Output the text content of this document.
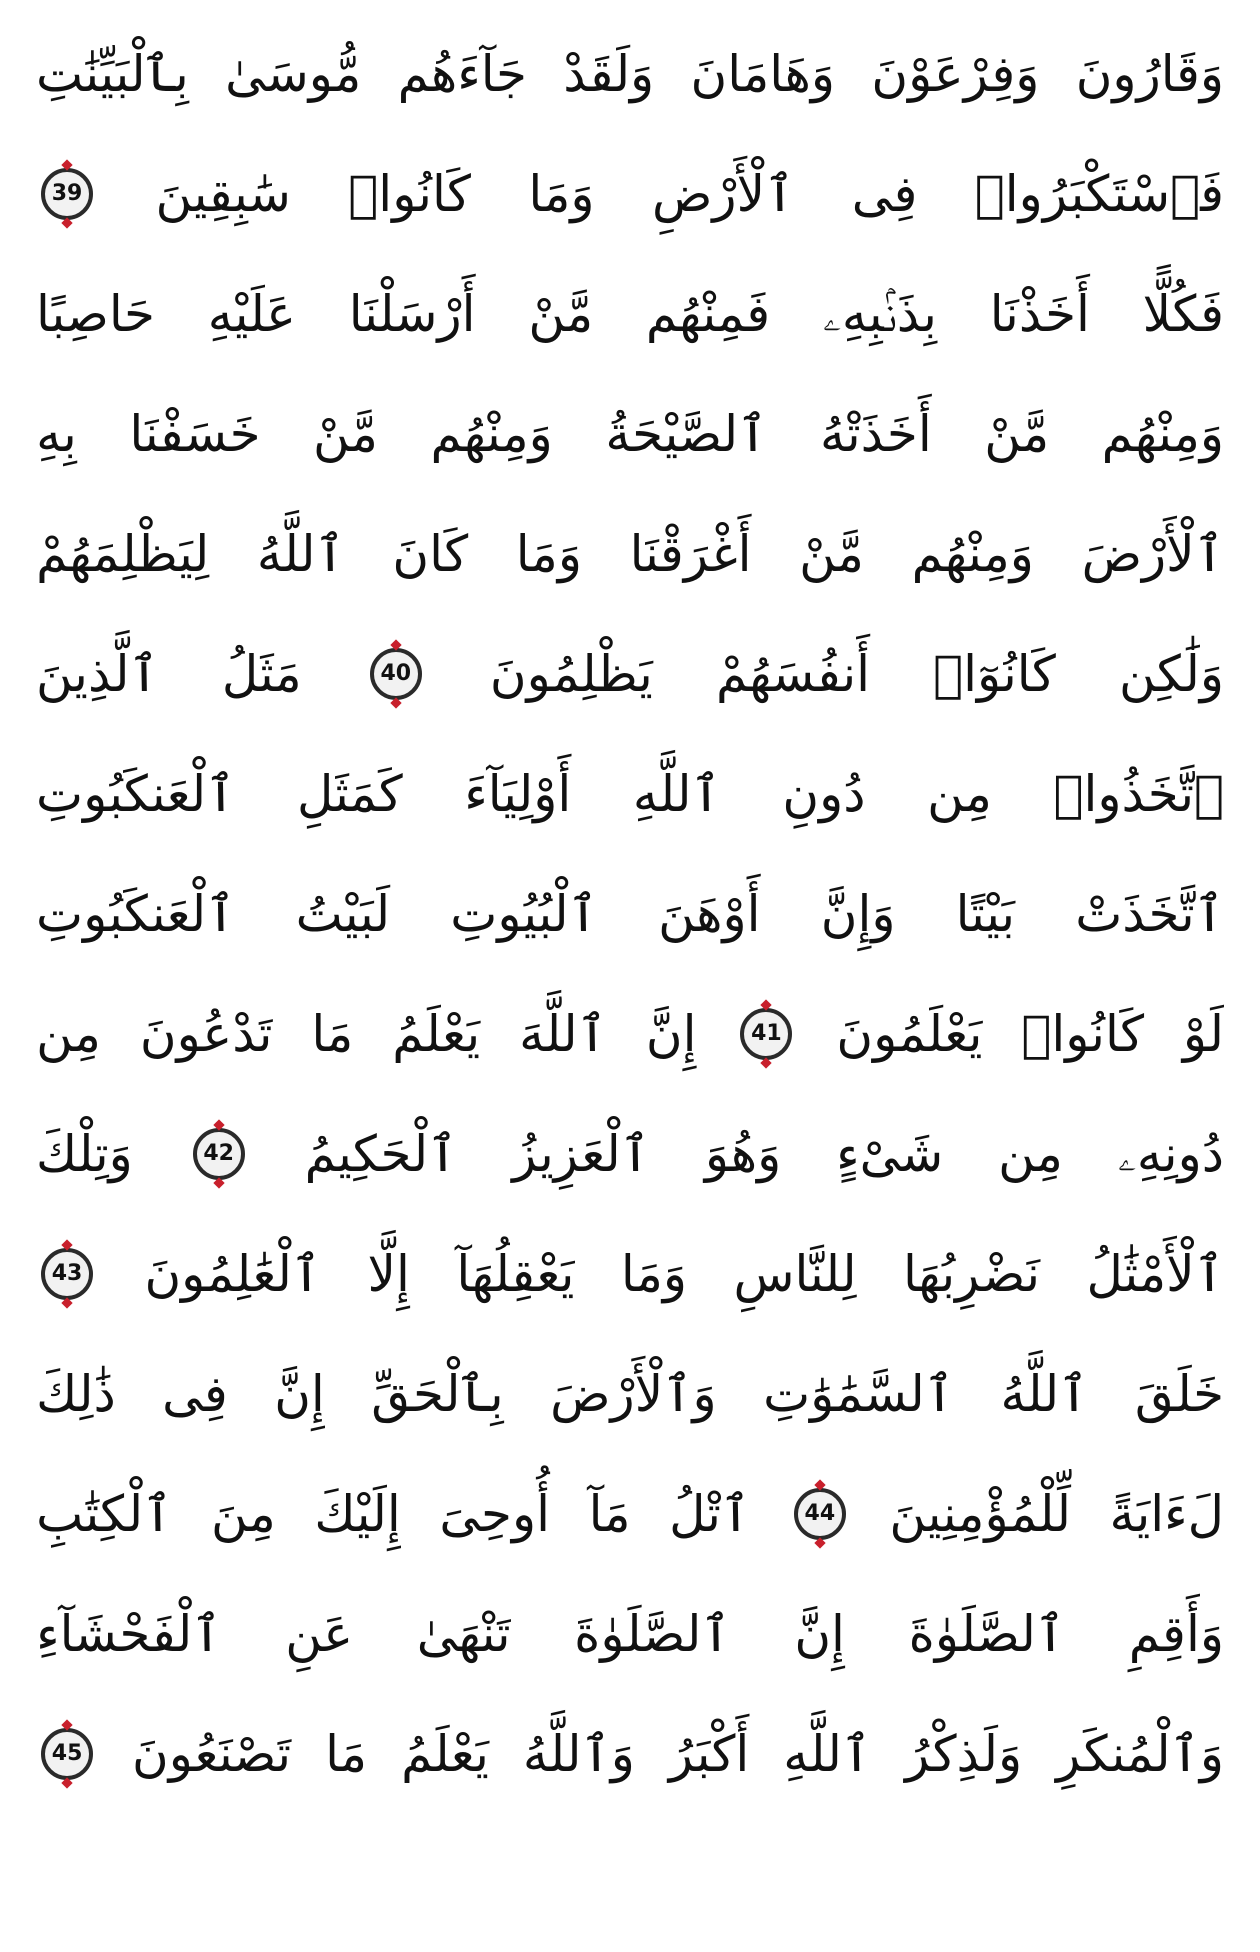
وَقَارُونَ
وَفِرْعَوْنَ
وَهَامَانَ
وَلَقَدْ
جَآءَهُم
مُّوسَىٰ
بِٱلْبَيِّنَٰتِ
فَٱسْتَكْبَرُوا۟
فِى
ٱلْأَرْضِ
وَمَا
كَانُوا۟
سَٰبِقِينَ
39
فَكُلًّا
أَخَذْنَا
بِذَنۢبِهِۦ
فَمِنْهُم
مَّنْ
أَرْسَلْنَا
عَلَيْهِ
حَاصِبًا
وَمِنْهُم
مَّنْ
أَخَذَتْهُ
ٱلصَّيْحَةُ
وَمِنْهُم
مَّنْ
خَسَفْنَا
بِهِ
ٱلْأَرْضَ
وَمِنْهُم
مَّنْ
أَغْرَقْنَا
وَمَا
كَانَ
ٱللَّهُ
لِيَظْلِمَهُمْ
وَلَٰكِن
كَانُوٓا۟
أَنفُسَهُمْ
يَظْلِمُونَ
40
مَثَلُ
ٱلَّذِينَ
ٱتَّخَذُوا۟
مِن
دُونِ
ٱللَّهِ
أَوْلِيَآءَ
كَمَثَلِ
ٱلْعَنكَبُوتِ
ٱتَّخَذَتْ
بَيْتًا
وَإِنَّ
أَوْهَنَ
ٱلْبُيُوتِ
لَبَيْتُ
ٱلْعَنكَبُوتِ
لَوْ
كَانُوا۟
يَعْلَمُونَ
41
إِنَّ
ٱللَّهَ
يَعْلَمُ
مَا
تَدْعُونَ
مِن
دُونِهِۦ
مِن
شَىْءٍ
وَهُوَ
ٱلْعَزِيزُ
ٱلْحَكِيمُ
42
وَتِلْكَ
ٱلْأَمْثَٰلُ
نَضْرِبُهَا
لِلنَّاسِ
وَمَا
يَعْقِلُهَآ
إِلَّا
ٱلْعَٰلِمُونَ
43
خَلَقَ
ٱللَّهُ
ٱلسَّمَٰوَٰتِ
وَٱلْأَرْضَ
بِٱلْحَقِّ
إِنَّ
فِى
ذَٰلِكَ
لَءَايَةً
لِّلْمُؤْمِنِينَ
44
ٱتْلُ
مَآ
أُوحِىَ
إِلَيْكَ
مِنَ
ٱلْكِتَٰبِ
وَأَقِمِ
ٱلصَّلَوٰةَ
إِنَّ
ٱلصَّلَوٰةَ
تَنْهَىٰ
عَنِ
ٱلْفَحْشَآءِ
وَٱلْمُنكَرِ
وَلَذِكْرُ
ٱللَّهِ
أَكْبَرُ
وَٱللَّهُ
يَعْلَمُ
مَا
تَصْنَعُونَ
45
